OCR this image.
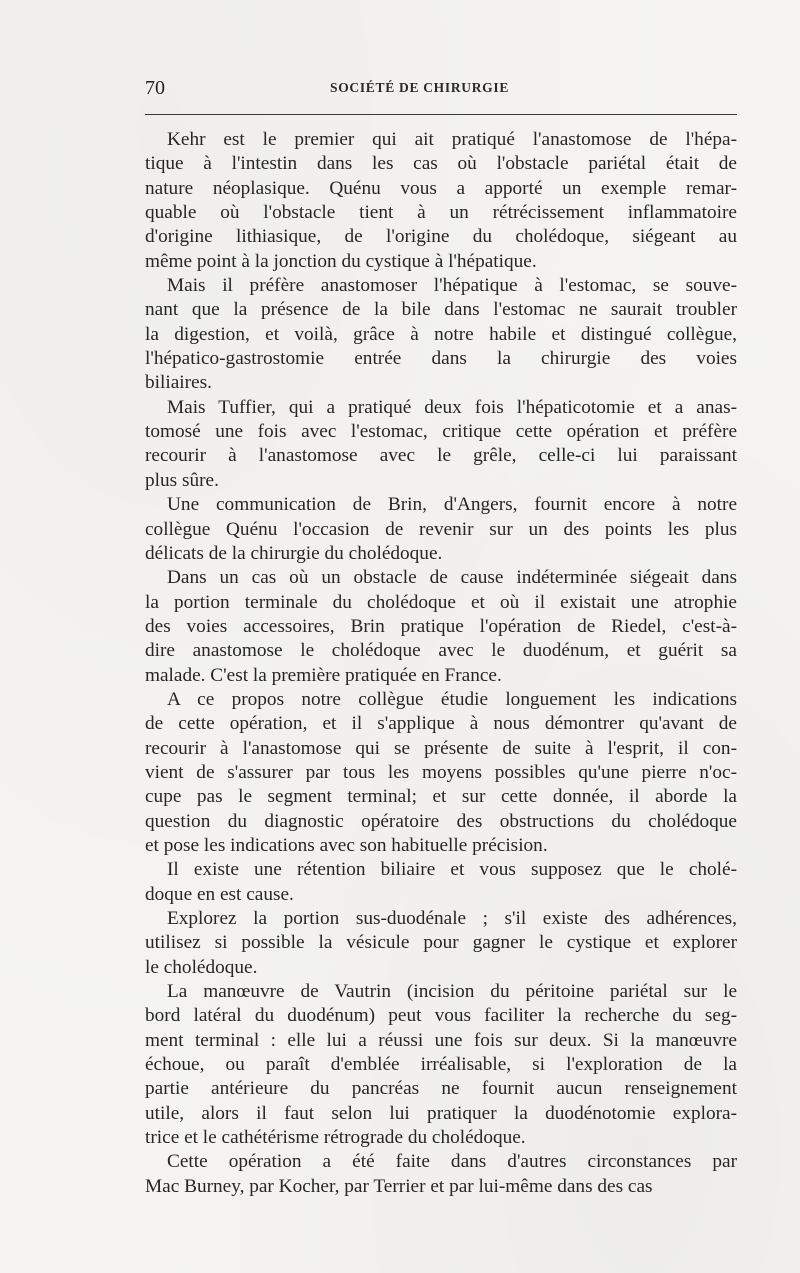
70	SOCIÉTÉ DE CHIRURGIE
Kehr est le premier qui ait pratiqué l'anastomose de l'hépa-
tique à l'intestin dans les cas où l'obstacle pariétal était de
nature néoplasique. Quénu vous a apporté un exemple remar-
quable où l'obstacle tient à un rétrécissement inflammatoire
d'origine lithiasique, de l'origine du cholédoque, siégeant au
même point à la jonction du cystique à l'hépatique.
Mais il préfère anastomoser l'hépatique à l'estomac, se souve-
nant que la présence de la bile dans l'estomac ne saurait troubler
la digestion, et voilà, grâce à notre habile et distingué collègue,
l'hépatico-gastrostomie entrée dans la chirurgie des voies
biliaires.
Mais Tuffier, qui a pratiqué deux fois l'hépaticotomie et a anas-
tomosé une fois avec l'estomac, critique cette opération et préfère
recourir à l'anastomose avec le grêle, celle-ci lui paraissant
plus sûre.
Une communication de Brin, d'Angers, fournit encore à notre
collègue Quénu l'occasion de revenir sur un des points les plus
délicats de la chirurgie du cholédoque.
Dans un cas où un obstacle de cause indéterminée siégeait dans
la portion terminale du cholédoque et où il existait une atrophie
des voies accessoires, Brin pratique l'opération de Riedel, c'est-à-
dire anastomose le cholédoque avec le duodénum, et guérit sa
malade. C'est la première pratiquée en France.
A ce propos notre collègue étudie longuement les indications
de cette opération, et il s'applique à nous démontrer qu'avant de
recourir à l'anastomose qui se présente de suite à l'esprit, il con-
vient de s'assurer par tous les moyens possibles qu'une pierre n'oc-
cupe pas le segment terminal; et sur cette donnée, il aborde la
question du diagnostic opératoire des obstructions du cholédoque
et pose les indications avec son habituelle précision.
Il existe une rétention biliaire et vous supposez que le cholé-
doque en est cause.
Explorez la portion sus-duodénale ; s'il existe des adhérences,
utilisez si possible la vésicule pour gagner le cystique et explorer
le cholédoque.
La manœuvre de Vautrin (incision du péritoine pariétal sur le
bord latéral du duodénum) peut vous faciliter la recherche du seg-
ment terminal : elle lui a réussi une fois sur deux. Si la manœuvre
échoue, ou paraît d'emblée irréalisable, si l'exploration de la
partie antérieure du pancréas ne fournit aucun renseignement
utile, alors il faut selon lui pratiquer la duodénotomie explora-
trice et le cathétérisme rétrograde du cholédoque.
Cette opération a été faite dans d'autres circonstances par
Mac Burney, par Kocher, par Terrier et par lui-même dans des cas
